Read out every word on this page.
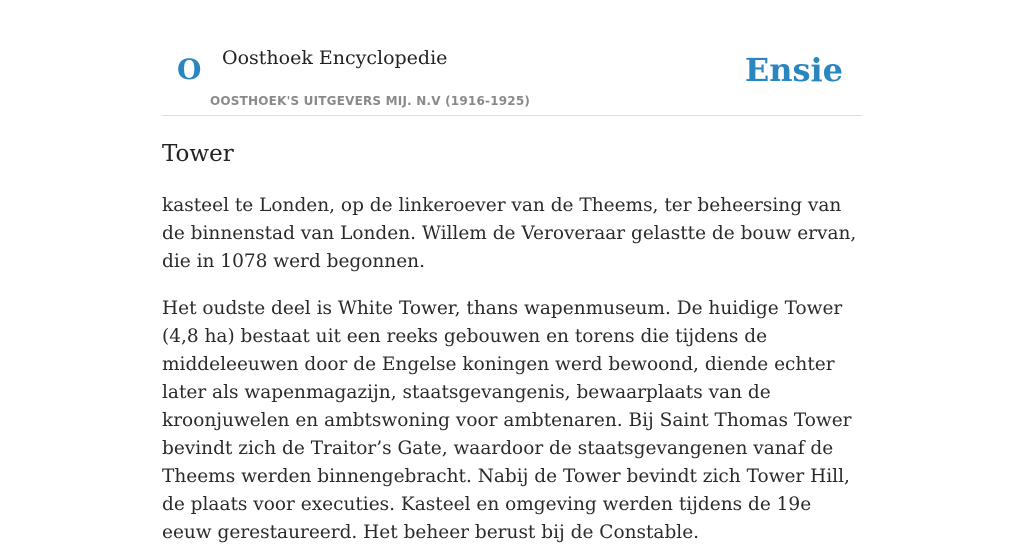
O Oosthoek Encyclopedie
OOSTHOEK'S UITGEVERS MIJ. N.V (1916-1925)
Ensie
Tower

kasteel te Londen, op de linkeroever van de Theems, ter beheersing van de binnenstad van Londen. Willem de Veroveraar gelastte de bouw ervan, die in 1078 werd begonnen.

Het oudste deel is White Tower, thans wapenmuseum. De huidige Tower (4,8 ha) bestaat uit een reeks gebouwen en torens die tijdens de middeleeuwen door de Engelse koningen werd bewoond, diende echter later als wapenmagazijn, staatsgevangenis, bewaarplaats van de kroonjuwelen en ambtswoning voor ambtenaren. Bij Saint Thomas Tower bevindt zich de Traitor’s Gate, waardoor de staatsgevangenen vanaf de Theems werden binnengebracht. Nabij de Tower bevindt zich Tower Hill, de plaats voor executies. Kasteel en omgeving werden tijdens de 19e eeuw gerestaureerd. Het beheer berust bij de Constable.
